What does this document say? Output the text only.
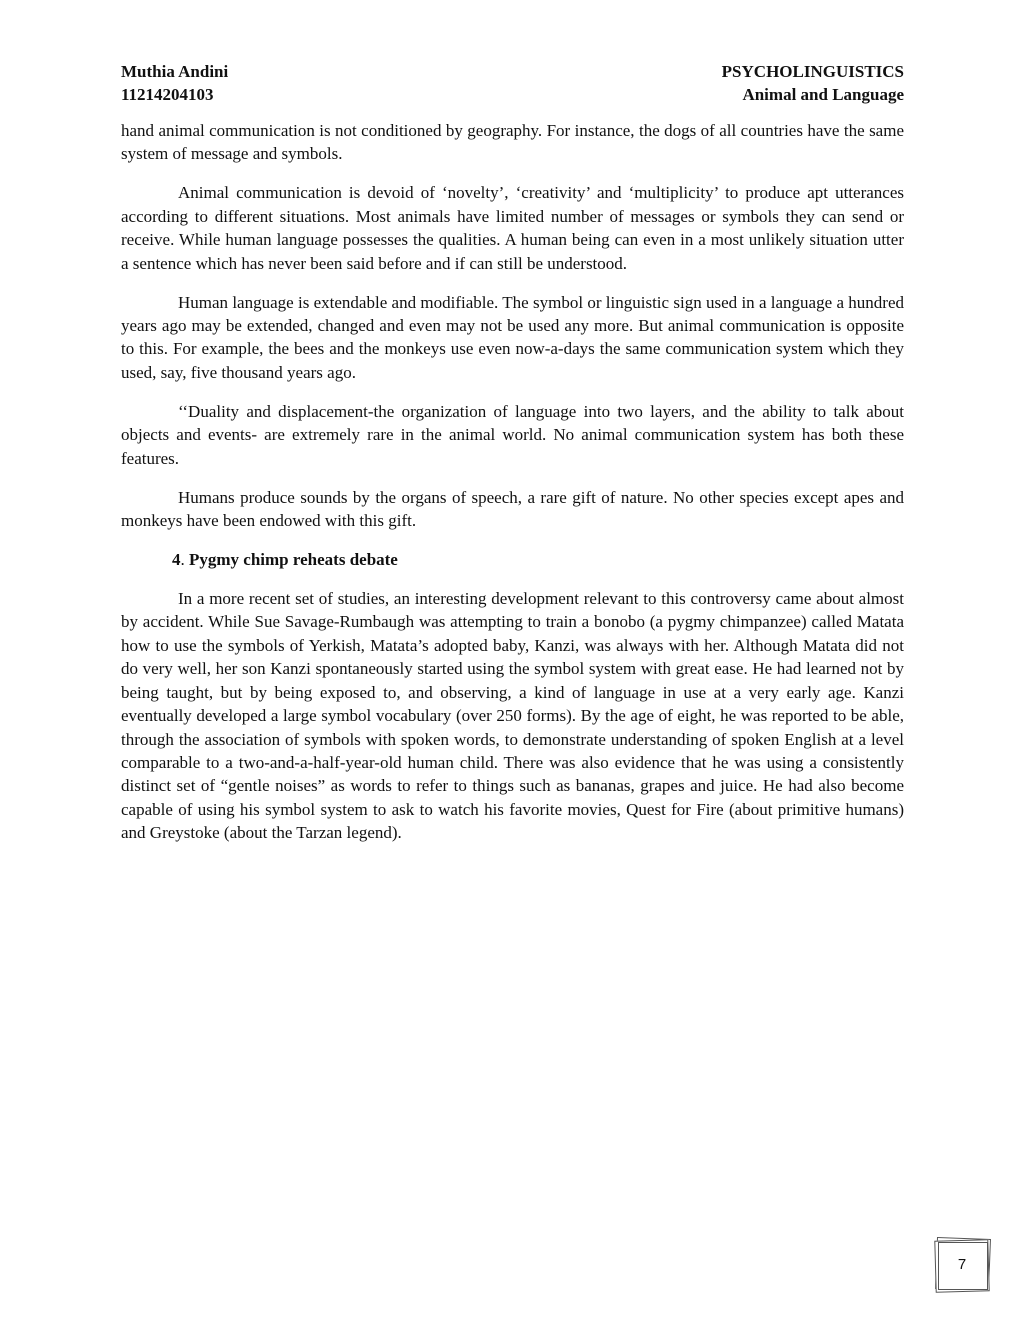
Muthia Andini
11214204103
PSYCHOLINGUISTICS
Animal and Language

hand animal communication is not conditioned by geography. For instance, the dogs of all countries have the same system of message and symbols.

Animal communication is devoid of ‘novelty’, ‘creativity’ and ‘multiplicity’ to produce apt utterances according to different situations. Most animals have limited number of messages or symbols they can send or receive. While human language possesses the qualities. A human being can even in a most unlikely situation utter a sentence which has never been said before and if can still be understood.

Human language is extendable and modifiable. The symbol or linguistic sign used in a language a hundred years ago may be extended, changed and even may not be used any more. But animal communication is opposite to this. For example, the bees and the monkeys use even now-a-days the same communication system which they used, say, five thousand years ago.

‘‘Duality and displacement-the organization of language into two layers, and the ability to talk about objects and events- are extremely rare in the animal world. No animal communication system has both these features.

Humans produce sounds by the organs of speech, a rare gift of nature. No other species except apes and monkeys have been endowed with this gift.

4. Pygmy chimp reheats debate

In a more recent set of studies, an interesting development relevant to this controversy came about almost by accident. While Sue Savage-Rumbaugh was attempting to train a bonobo (a pygmy chimpanzee) called Matata how to use the symbols of Yerkish, Matata’s adopted baby, Kanzi, was always with her. Although Matata did not do very well, her son Kanzi spontaneously started using the symbol system with great ease. He had learned not by being taught, but by being exposed to, and observing, a kind of language in use at a very early age. Kanzi eventually developed a large symbol vocabulary (over 250 forms). By the age of eight, he was reported to be able, through the association of symbols with spoken words, to demonstrate understanding of spoken English at a level comparable to a two-and-a-half-year-old human child. There was also evidence that he was using a consistently distinct set of “gentle noises” as words to refer to things such as bananas, grapes and juice. He had also become capable of using his symbol system to ask to watch his favorite movies, Quest for Fire (about primitive humans) and Greystoke (about the Tarzan legend).

7
